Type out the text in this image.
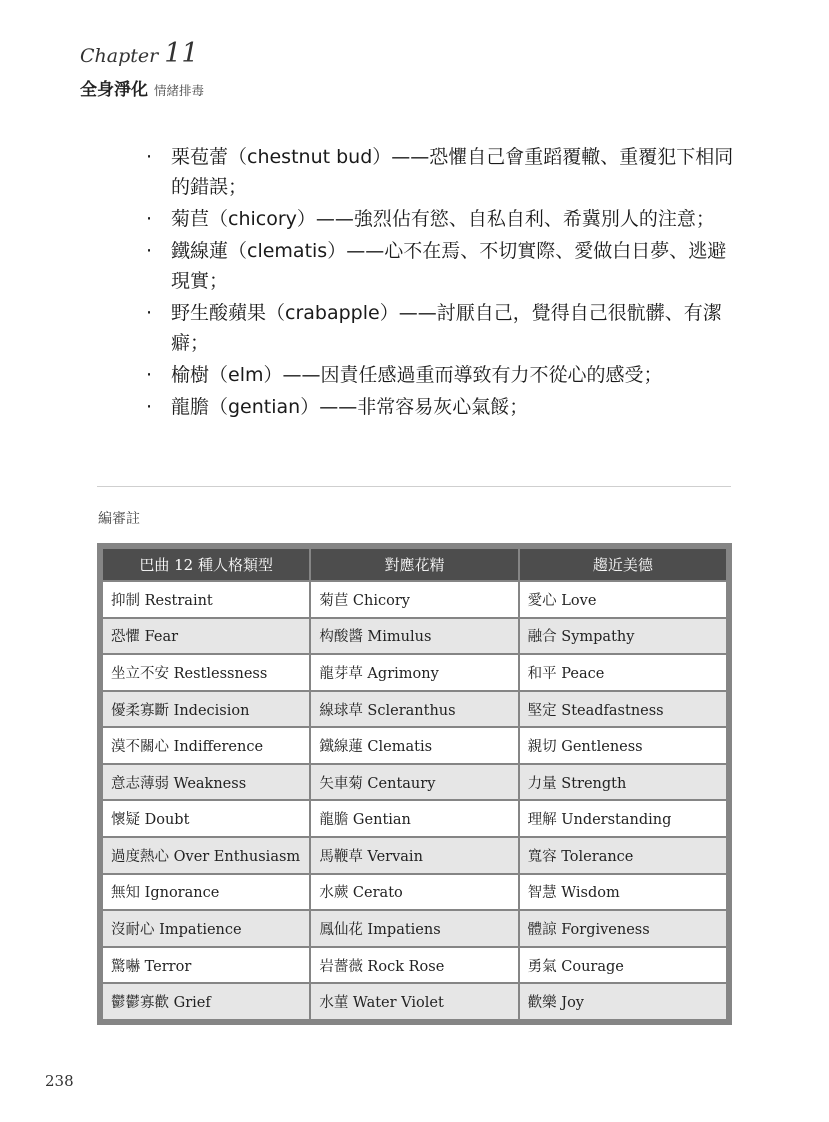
Chapter 11
全身淨化 情緒排毒
‧ 栗苞蕾（chestnut bud）——恐懼自己會重蹈覆轍、重覆犯下相同的錯誤；
‧ 菊苣（chicory）——強烈佔有慾、自私自利、希冀別人的注意；
‧ 鐵線蓮（clematis）——心不在焉、不切實際、愛做白日夢、逃避現實；
‧ 野生酸蘋果（crabapple）——討厭自己，覺得自己很骯髒、有潔癖；
‧ 榆樹（elm）——因責任感過重而導致有力不從心的感受；
‧ 龍膽（gentian）——非常容易灰心氣餒；
編審註
巴曲 12 種人格類型	對應花精	趨近美德
抑制 Restraint	菊苣 Chicory	愛心 Love
恐懼 Fear	构酸醬 Mimulus	融合 Sympathy
坐立不安 Restlessness	龍芽草 Agrimony	和平 Peace
優柔寡斷 Indecision	線球草 Scleranthus	堅定 Steadfastness
漠不關心 Indifference	鐵線蓮 Clematis	親切 Gentleness
意志薄弱 Weakness	矢車菊 Centaury	力量 Strength
懷疑 Doubt	龍膽 Gentian	理解 Understanding
過度熱心 Over Enthusiasm	馬鞭草 Vervain	寬容 Tolerance
無知 Ignorance	水蕨 Cerato	智慧 Wisdom
沒耐心 Impatience	鳳仙花 Impatiens	體諒 Forgiveness
驚嚇 Terror	岩薔薇 Rock Rose	勇氣 Courage
鬱鬱寡歡 Grief	水菫 Water Violet	歡樂 Joy
238
